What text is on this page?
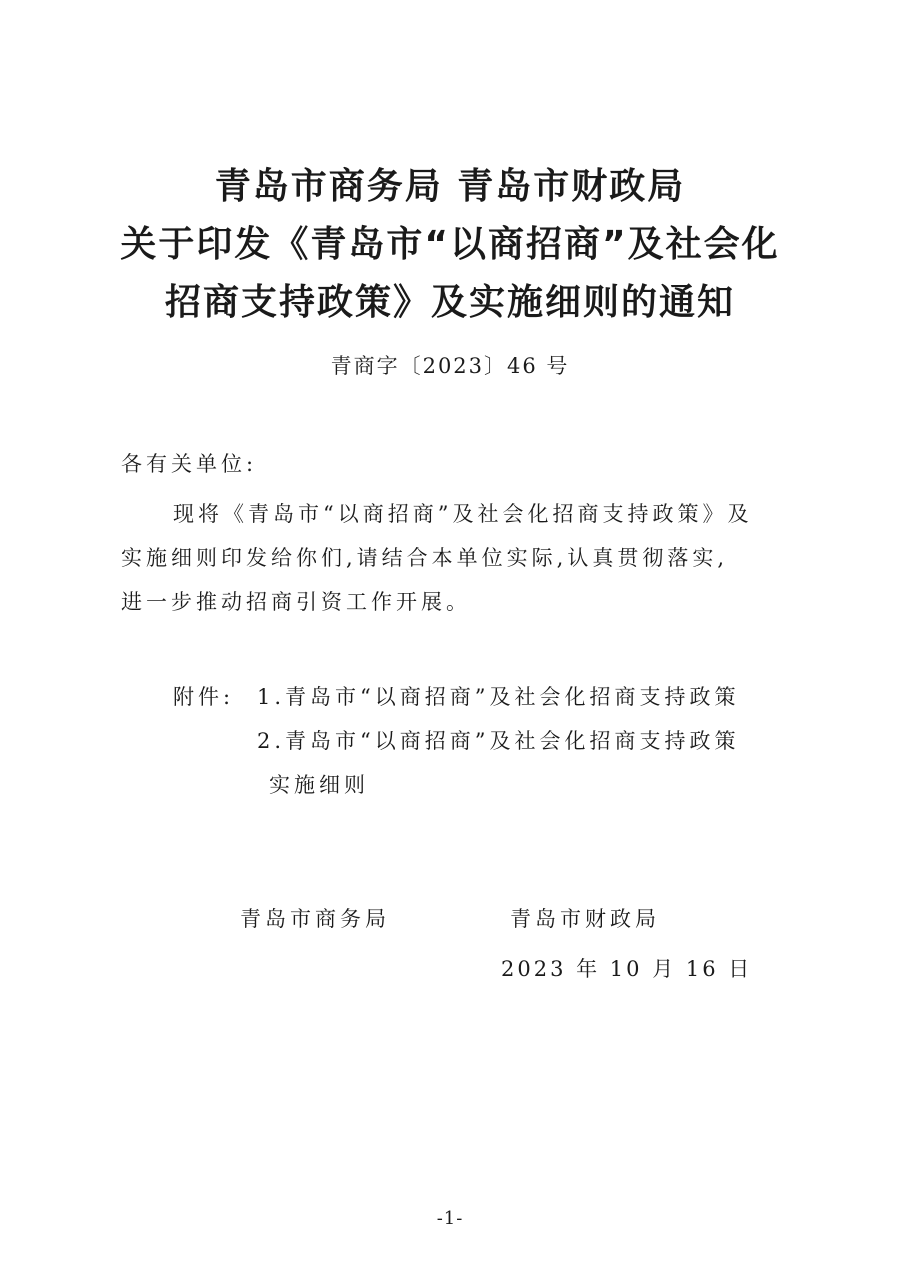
青岛市商务局 青岛市财政局
关于印发《青岛市“以商招商”及社会化
招商支持政策》及实施细则的通知
青商字〔2023〕46 号
各有关单位:
现将《青岛市“以商招商”及社会化招商支持政策》及
实施细则印发给你们,请结合本单位实际,认真贯彻落实,
进一步推动招商引资工作开展。
附件: 1.青岛市“以商招商”及社会化招商支持政策
2.青岛市“以商招商”及社会化招商支持政策
实施细则
青岛市商务局	青岛市财政局
2023 年 10 月 16 日
-1-
